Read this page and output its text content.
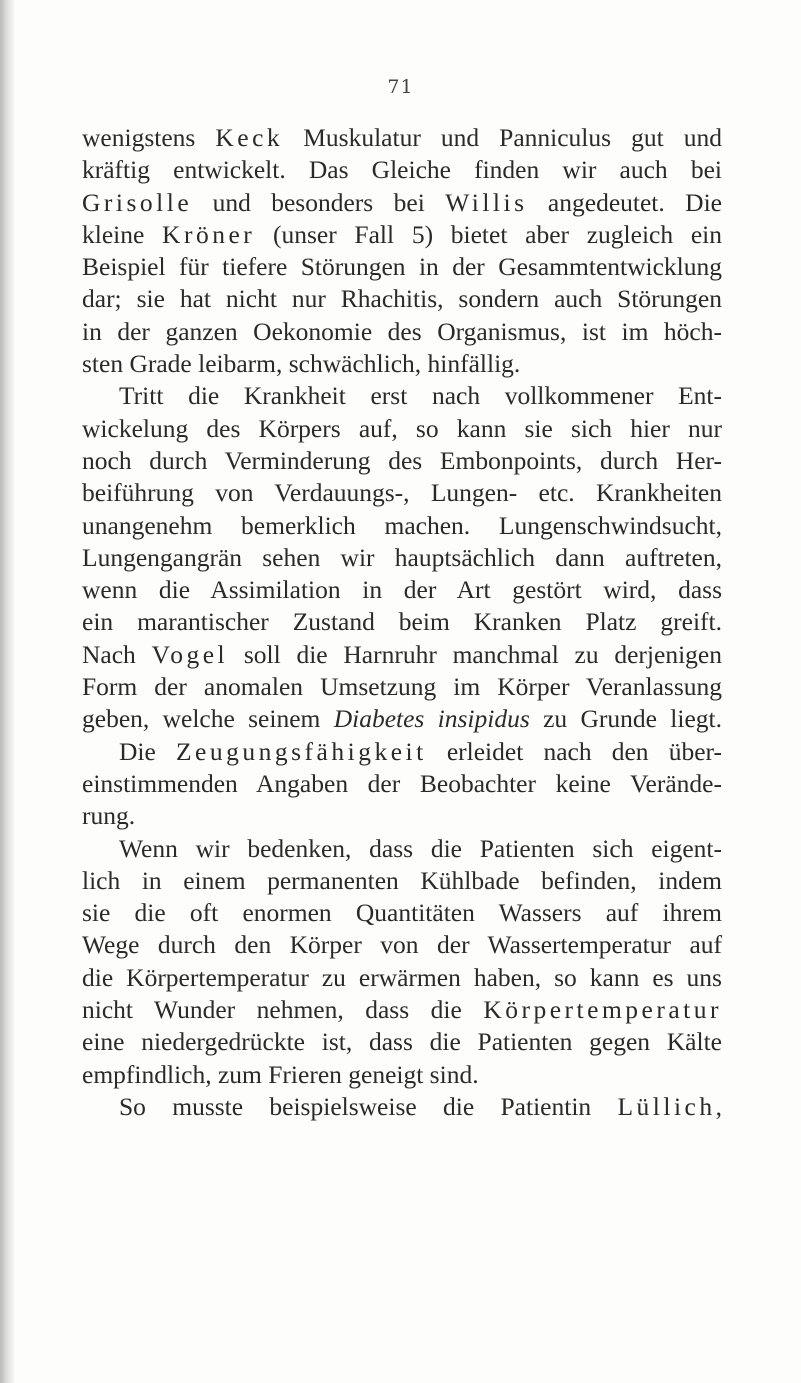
71
wenigstens Keck Muskulatur und Panniculus gut und
kräftig entwickelt. Das Gleiche finden wir auch bei
Grisolle und besonders bei Willis angedeutet. Die
kleine Kröner (unser Fall 5) bietet aber zugleich ein
Beispiel für tiefere Störungen in der Gesammtentwicklung
dar; sie hat nicht nur Rhachitis, sondern auch Störungen
in der ganzen Oekonomie des Organismus, ist im höch-
sten Grade leibarm, schwächlich, hinfällig.
Tritt die Krankheit erst nach vollkommener Ent-
wickelung des Körpers auf, so kann sie sich hier nur
noch durch Verminderung des Embonpoints, durch Her-
beiführung von Verdauungs-, Lungen- etc. Krankheiten
unangenehm bemerklich machen. Lungenschwindsucht,
Lungengangrän sehen wir hauptsächlich dann auftreten,
wenn die Assimilation in der Art gestört wird, dass
ein marantischer Zustand beim Kranken Platz greift.
Nach Vogel soll die Harnruhr manchmal zu derjenigen
Form der anomalen Umsetzung im Körper Veranlassung
geben, welche seinem Diabetes insipidus zu Grunde liegt.
Die Zeugungsfähigkeit erleidet nach den über-
einstimmenden Angaben der Beobachter keine Verände-
rung.
Wenn wir bedenken, dass die Patienten sich eigent-
lich in einem permanenten Kühlbade befinden, indem
sie die oft enormen Quantitäten Wassers auf ihrem
Wege durch den Körper von der Wassertemperatur auf
die Körpertemperatur zu erwärmen haben, so kann es uns
nicht Wunder nehmen, dass die Körpertemperatur
eine niedergedrückte ist, dass die Patienten gegen Kälte
empfindlich, zum Frieren geneigt sind.
So musste beispielsweise die Patientin Lüllich,
